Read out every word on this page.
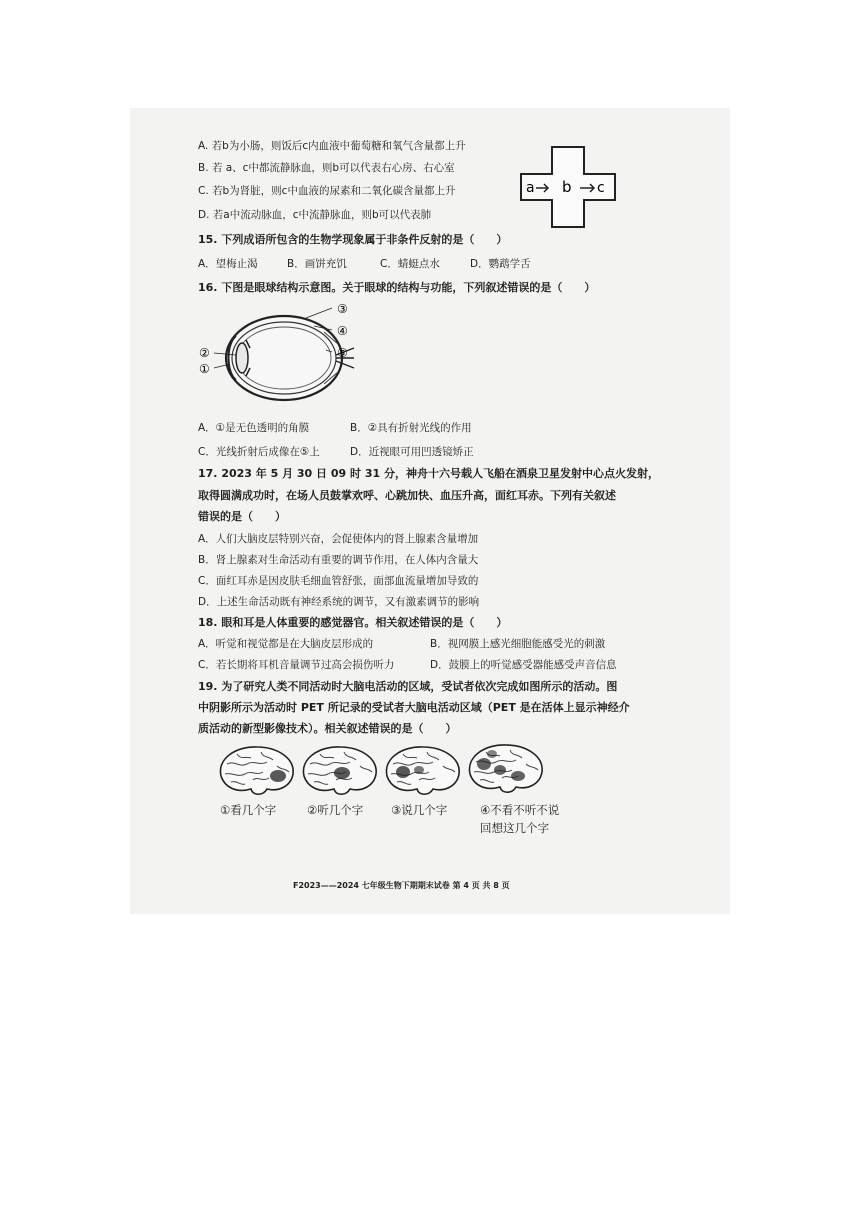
A. 若b为小肠，则饭后c内血液中葡萄糖和氧气含量都上升
B. 若 a、c中都流静脉血，则b可以代表右心房、右心室
C. 若b为肾脏，则c中血液的尿素和二氧化碳含量都上升
D. 若a中流动脉血，c中流静脉血，则b可以代表肺
a b c
15. 下列成语所包含的生物学现象属于非条件反射的是（　　）
A．望梅止渴	B．画饼充饥	C．蜻蜓点水	D．鹦鹉学舌
16. 下图是眼球结构示意图。关于眼球的结构与功能，下列叙述错误的是（　　）
②
①
③
④
⑤
A．①是无色透明的角膜	B．②具有折射光线的作用
C．光线折射后成像在⑤上	D．近视眼可用凹透镜矫正
17. 2023 年 5 月 30 日 09 时 31 分，神舟十六号载人飞船在酒泉卫星发射中心点火发射，
取得圆满成功时，在场人员鼓掌欢呼、心跳加快、血压升高，面红耳赤。下列有关叙述
错误的是（　　）
A．人们大脑皮层特别兴奋，会促使体内的肾上腺素含量增加
B．肾上腺素对生命活动有重要的调节作用，在人体内含量大
C．面红耳赤是因皮肤毛细血管舒张，面部血流量增加导致的
D．上述生命活动既有神经系统的调节，又有激素调节的影响
18. 眼和耳是人体重要的感觉器官。相关叙述错误的是（　　）
A．听觉和视觉都是在大脑皮层形成的	B．视网膜上感光细胞能感受光的刺激
C．若长期将耳机音量调节过高会损伤听力	D．鼓膜上的听觉感受器能感受声音信息
19. 为了研究人类不同活动时大脑电活动的区域，受试者依次完成如图所示的活动。图
中阴影所示为活动时 PET 所记录的受试者大脑电活动区域（PET 是在活体上显示神经介
质活动的新型影像技术）。相关叙述错误的是（　　）
①看几个字	②听几个字 ③说几个字	④不看不听不说
回想这几个字
F2023——2024 七年级生物下期期末试卷 第 4 页 共 8 页
